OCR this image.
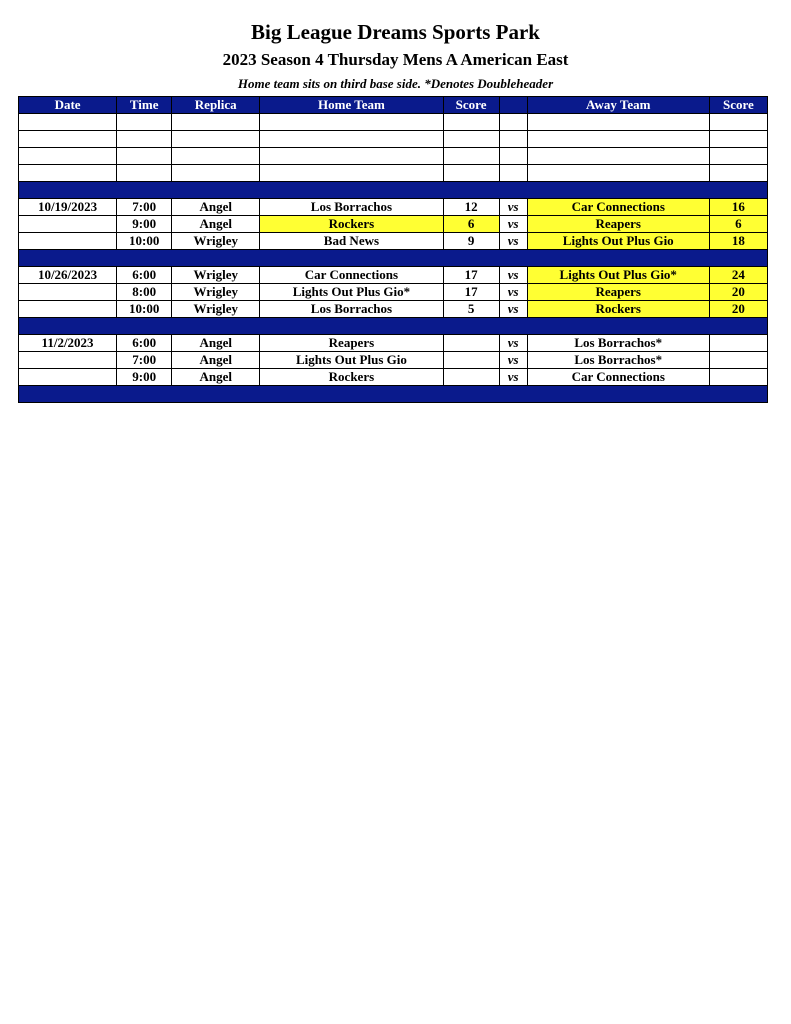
Big League Dreams Sports Park
2023 Season 4 Thursday Mens A American East
Home team sits on third base side. *Denotes Doubleheader
Date	Time	Replica	Home Team	Score		Away Team	Score

10/19/2023	7:00	Angel	Los Borrachos	12	vs	Car Connections	16
	9:00	Angel	Rockers	6	vs	Reapers	6
	10:00	Wrigley	Bad News	9	vs	Lights Out Plus Gio	18

10/26/2023	6:00	Wrigley	Car Connections	17	vs	Lights Out Plus Gio*	24
	8:00	Wrigley	Lights Out Plus Gio*	17	vs	Reapers	20
	10:00	Wrigley	Los Borrachos	5	vs	Rockers	20

11/2/2023	6:00	Angel	Reapers		vs	Los Borrachos*	
	7:00	Angel	Lights Out Plus Gio		vs	Los Borrachos*	
	9:00	Angel	Rockers		vs	Car Connections	
